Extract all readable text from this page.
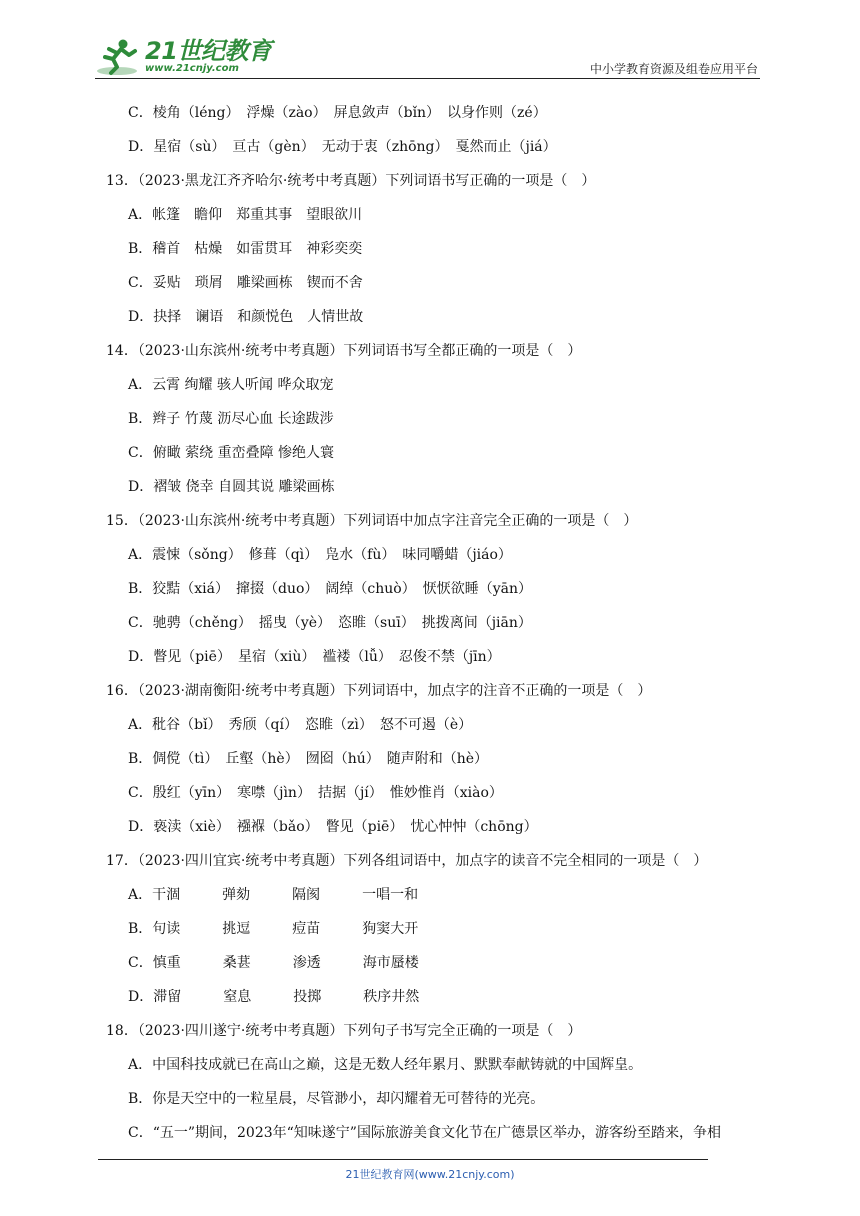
21世纪教育
www.21cnjy.com	中小学教育资源及组卷应用平台
C．棱角（léng）　浮燥（zào）　屏息敛声（bǐn）　以身作则（zé）
D．星宿（sù）　亘古（gèn）　无动于衷（zhōng）　戛然而止（jiá）
13．（2023·黑龙江齐齐哈尔·统考中考真题）下列词语书写正确的一项是（　）
A．帐篷　瞻仰　郑重其事　望眼欲川
B．稽首　枯燥　如雷贯耳　神彩奕奕
C．妥贴　琐屑　雕梁画栋　锲而不舍
D．抉择　谰语　和颜悦色　人情世故
14．（2023·山东滨州·统考中考真题）下列词语书写全都正确的一项是（　）
A．云霄 绚耀 骇人听闻 哗众取宠
B．辫子 竹蔑 沥尽心血 长途跋涉
C．俯瞰 萦绕 重峦叠障 惨绝人寰
D．褶皱 侥幸 自圆其说 雕梁画栋
15．（2023·山东滨州·统考中考真题）下列词语中加点字注音完全正确的一项是（　）
A．震悚（sǒng）　修葺（qì）　凫水（fù）　味同嚼蜡（jiáo）
B．狡黠（xiá）　撺掇（duo）　阔绰（chuò）　恹恹欲睡（yān）
C．驰骋（chěng）　摇曳（yè）　恣睢（suī）　挑拨离间（jiān）
D．瞥见（piē）　星宿（xiù）　褴褛（lǚ）　忍俊不禁（jīn）
16．（2023·湖南衡阳·统考中考真题）下列词语中，加点字的注音不正确的一项是（　）
A．秕谷（bǐ）　秀颀（qí）　恣睢（zì）　怒不可遏（è）
B．倜傥（tì）　丘壑（hè）　囫囵（hú）　随声附和（hè）
C．殷红（yīn）　寒噤（jìn）　拮据（jí）　惟妙惟肖（xiào）
D．亵渎（xiè）　襁褓（bǎo）　瞥见（piē）　忧心忡忡（chōng）
17．（2023·四川宜宾·统考中考真题）下列各组词语中，加点字的读音不完全相同的一项是（　）
A．干涸　　　弹劾　　　隔阂　　　一唱一和
B．句读　　　挑逗　　　痘苗　　　狗窦大开
C．慎重　　　桑葚　　　渗透　　　海市蜃楼
D．滞留　　　窒息　　　投掷　　　秩序井然
18．（2023·四川遂宁·统考中考真题）下列句子书写完全正确的一项是（　）
A．中国科技成就已在高山之巅，这是无数人经年累月、默默奉献铸就的中国辉皇。
B．你是天空中的一粒星晨，尽管渺小，却闪耀着无可替待的光亮。
C．“五一”期间，2023年“知味遂宁”国际旅游美食文化节在广德景区举办，游客纷至踏来，争相
21世纪教育网(www.21cnjy.com)
